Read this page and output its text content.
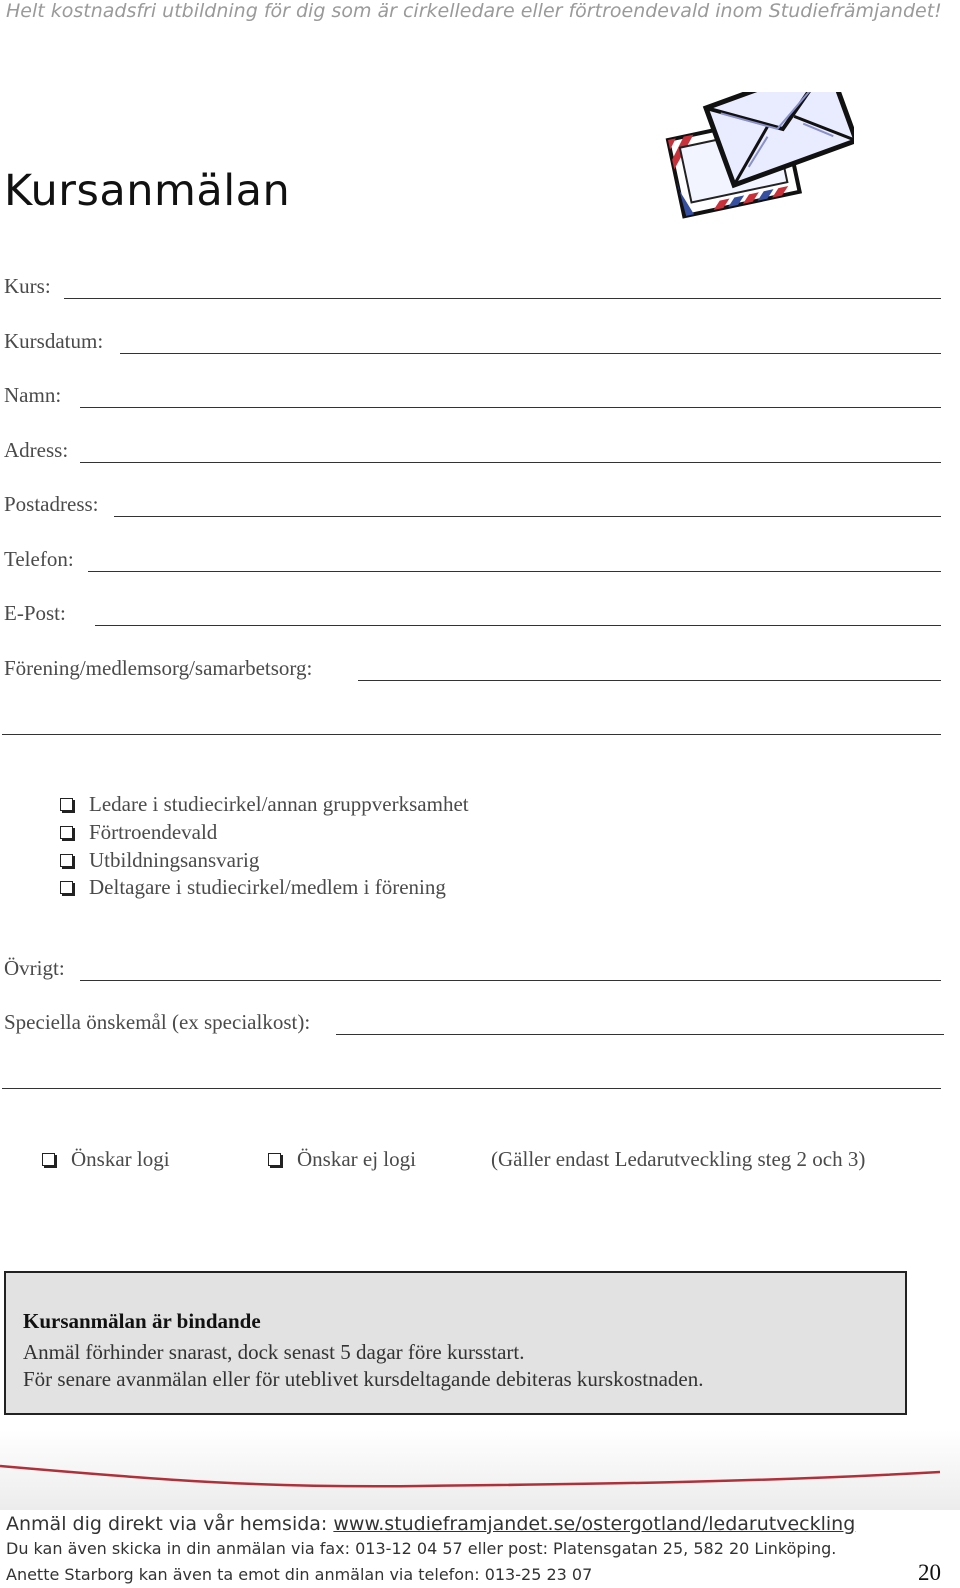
Helt kostnadsfri utbildning för dig som är cirkelledare eller förtroendevald inom Studiefrämjandet!
Kursanmälan
Kurs:
Kursdatum:
Namn:
Adress:
Postadress:
Telefon:
E-Post:
Förening/medlemsorg/samarbetsorg:
Ledare i studiecirkel/annan gruppverksamhet
Förtroendevald
Utbildningsansvarig
Deltagare i studiecirkel/medlem i förening
Övrigt:
Speciella önskemål (ex specialkost):
Önskar logi	Önskar ej logi	(Gäller endast Ledarutveckling steg 2 och 3)
Kursanmälan är bindande
Anmäl förhinder snarast, dock senast 5 dagar före kursstart.
För senare avanmälan eller för uteblivet kursdeltagande debiteras kurskostnaden.
Anmäl dig direkt via vår hemsida: www.studieframjandet.se/ostergotland/ledarutveckling
Du kan även skicka in din anmälan via fax: 013-12 04 57 eller post: Platensgatan 25, 582 20 Linköping.
Anette Starborg kan även ta emot din anmälan via telefon: 013-25 23 07	20
